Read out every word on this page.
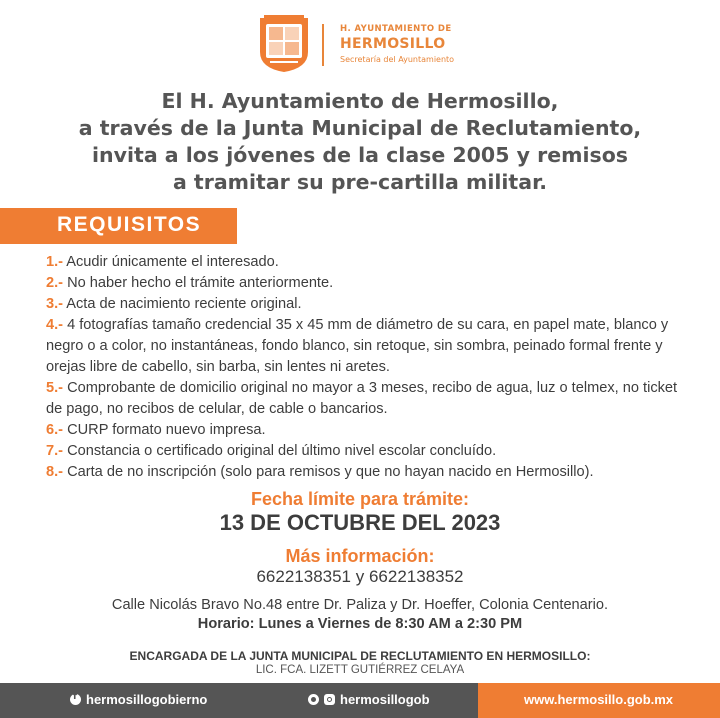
H. AYUNTAMIENTO DE
HERMOSILLO
Secretaría del Ayuntamiento

El H. Ayuntamiento de Hermosillo,

a través de la Junta Municipal de Reclutamiento,

invita a los jóvenes de la clase 2005 y remisos

a tramitar su pre-cartilla militar.

REQUISITOS
1.- Acudir únicamente el interesado.
2.- No haber hecho el trámite anteriormente.
3.- Acta de nacimiento reciente original.
4.- 4 fotografías tamaño credencial 35 x 45 mm de diámetro de su cara, en papel mate, blanco y negro o a color, no instantáneas, fondo blanco, sin retoque, sin sombra, peinado formal frente y orejas libre de cabello, sin barba, sin lentes ni aretes.
5.- Comprobante de domicilio original no mayor a 3 meses, recibo de agua, luz o telmex, no ticket de pago, no recibos de celular, de cable o bancarios.
6.- CURP formato nuevo impresa.
7.- Constancia o certificado original del último nivel escolar concluído.
8.- Carta de no inscripción (solo para remisos y que no hayan nacido en Hermosillo).
Fecha límite para trámite:
13 DE OCTUBRE DEL 2023
Más información:
6622138351 y 6622138352
Calle Nicolás Bravo No.48 entre Dr. Paliza y Dr. Hoeffer, Colonia Centenario.
Horario: Lunes a Viernes de 8:30 AM a 2:30 PM
ENCARGADA DE LA JUNTA MUNICIPAL DE RECLUTAMIENTO EN HERMOSILLO:
LIC. FCA. LIZETT GUTIÉRREZ CELAYA
f
hermosillogobierno	hermosillogob	www.hermosillo.gob.mx
